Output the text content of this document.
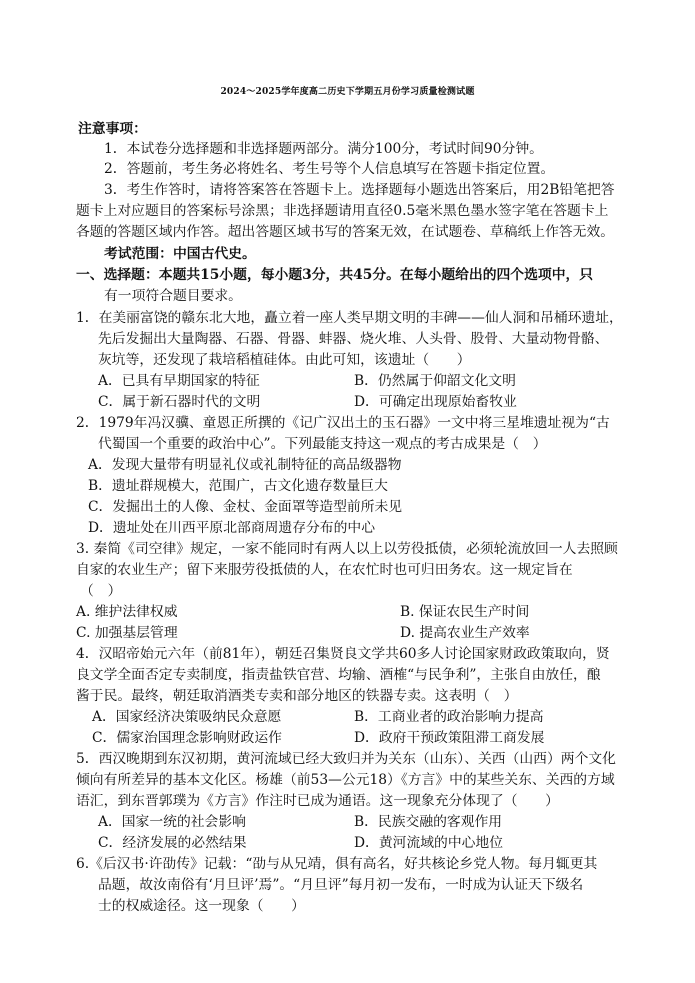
2024～2025学年度高二历史下学期五月份学习质量检测试题
注意事项：
1．本试卷分选择题和非选择题两部分。满分100分，考试时间90分钟。
2．答题前，考生务必将姓名、考生号等个人信息填写在答题卡指定位置。
3．考生作答时，请将答案答在答题卡上。选择题每小题选出答案后，用2B铅笔把答
题卡上对应题目的答案标号涂黑；非选择题请用直径0.5毫米黑色墨水签字笔在答题卡上
各题的答题区域内作答。超出答题区域书写的答案无效，在试题卷、草稿纸上作答无效。
考试范围：中国古代史。
一、选择题：本题共15小题，每小题3分，共45分。在每小题给出的四个选项中，只
有一项符合题目要求。
1．在美丽富饶的赣东北大地，矗立着一座人类早期文明的丰碑——仙人洞和吊桶环遗址，
先后发掘出大量陶器、石器、骨器、蚌器、烧火堆、人头骨、股骨、大量动物骨骼、
灰坑等，还发现了栽培稻植硅体。由此可知，该遗址（　　）
A．已具有早期国家的特征	B．仍然属于仰韶文化文明
C．属于新石器时代的文明	D．可确定出现原始畜牧业
2．1979年冯汉骥、童恩正所撰的《记广汉出土的玉石器》一文中将三星堆遗址视为“古
代蜀国一个重要的政治中心”。下列最能支持这一观点的考古成果是（　）
A．发现大量带有明显礼仪或礼制特征的高品级器物
B．遗址群规模大，范围广，古文化遗存数量巨大
C．发掘出土的人像、金杖、金面罩等造型前所未见
D．遗址处在川西平原北部商周遗存分布的中心
3. 秦简《司空律》规定，一家不能同时有两人以上以劳役抵债，必须轮流放回一人去照顾
自家的农业生产；留下来服劳役抵债的人，在农忙时也可归田务农。这一规定旨在
（　）
A. 维护法律权威	B. 保证农民生产时间
C. 加强基层管理	D. 提高农业生产效率
4．汉昭帝始元六年（前81年），朝廷召集贤良文学共60多人讨论国家财政政策取向，贤
良文学全面否定专卖制度，指责盐铁官营、均输、酒榷“与民争利”，主张自由放任，酿
酱于民。最终，朝廷取消酒类专卖和部分地区的铁器专卖。这表明（　）
A．国家经济决策吸纳民众意愿	B．工商业者的政治影响力提高
C．儒家治国理念影响财政运作	D．政府干预政策阻滞工商发展
5．西汉晚期到东汉初期，黄河流域已经大致归并为关东（山东）、关西（山西）两个文化
倾向有所差异的基本文化区。杨雄（前53—公元18）《方言》中的某些关东、关西的方域
语汇，到东晋郭璞为《方言》作注时已成为通语。这一现象充分体现了（　　）
A．国家一统的社会影响	B．民族交融的客观作用
C．经济发展的必然结果	D．黄河流域的中心地位
6.《后汉书·许劭传》记载：“劭与从兄靖，俱有高名，好共核论乡党人物。每月辄更其
品题，故汝南俗有‘月旦评’焉”。“月旦评”每月初一发布，一时成为认证天下级名
士的权威途径。这一现象（　　）
